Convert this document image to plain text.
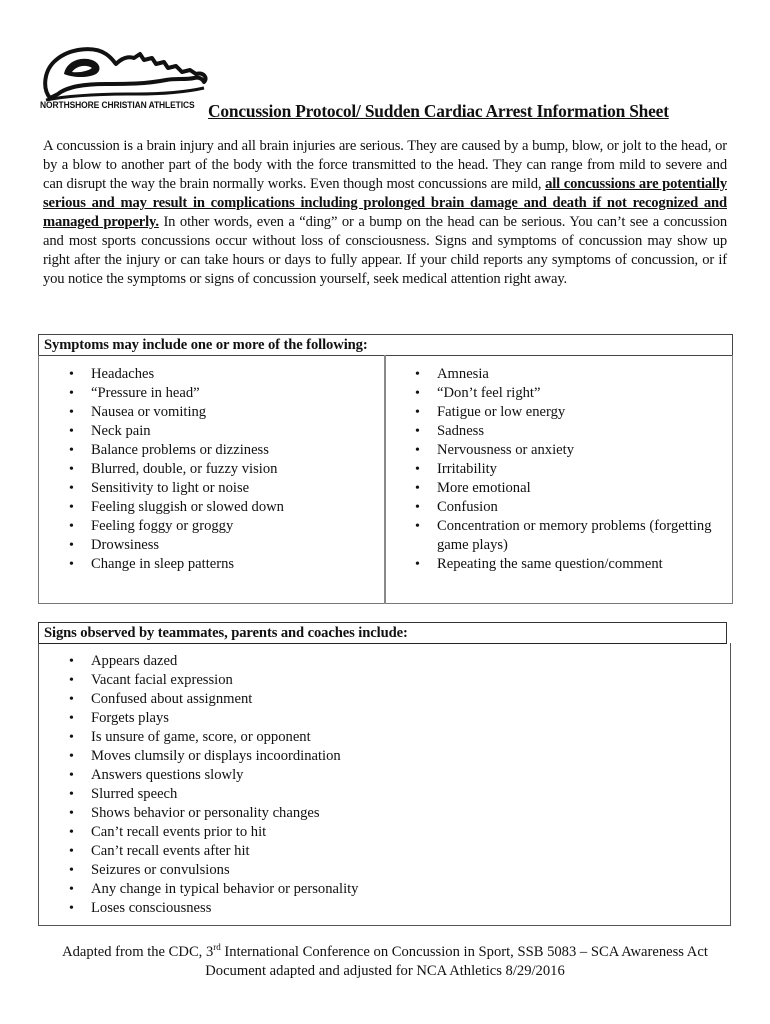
NORTHSHORE CHRISTIAN ATHLETICS Concussion Protocol/ Sudden Cardiac Arrest Information Sheet
A concussion is a brain injury and all brain injuries are serious. They are caused by a bump, blow, or jolt to the head, or by a blow to another part of the body with the force transmitted to the head. They can range from mild to severe and can disrupt the way the brain normally works. Even though most concussions are mild, all concussions are potentially serious and may result in complications including prolonged brain damage and death if not recognized and managed properly. In other words, even a “ding” or a bump on the head can be serious. You can’t see a concussion and most sports concussions occur without loss of consciousness. Signs and symptoms of concussion may show up right after the injury or can take hours or days to fully appear. If your child reports any symptoms of concussion, or if you notice the symptoms or signs of concussion yourself, seek medical attention right away.
Symptoms may include one or more of the following:
• Headaches
• “Pressure in head”
• Nausea or vomiting
• Neck pain
• Balance problems or dizziness
• Blurred, double, or fuzzy vision
• Sensitivity to light or noise
• Feeling sluggish or slowed down
• Feeling foggy or groggy
• Drowsiness
• Change in sleep patterns
• Amnesia
• “Don’t feel right”
• Fatigue or low energy
• Sadness
• Nervousness or anxiety
• Irritability
• More emotional
• Confusion
• Concentration or memory problems (forgetting game plays)
• Repeating the same question/comment
Signs observed by teammates, parents and coaches include:
• Appears dazed
• Vacant facial expression
• Confused about assignment
• Forgets plays
• Is unsure of game, score, or opponent
• Moves clumsily or displays incoordination
• Answers questions slowly
• Slurred speech
• Shows behavior or personality changes
• Can’t recall events prior to hit
• Can’t recall events after hit
• Seizures or convulsions
• Any change in typical behavior or personality
• Loses consciousness
Adapted from the CDC, 3rd International Conference on Concussion in Sport, SSB 5083 – SCA Awareness Act
Document adapted and adjusted for NCA Athletics 8/29/2016
